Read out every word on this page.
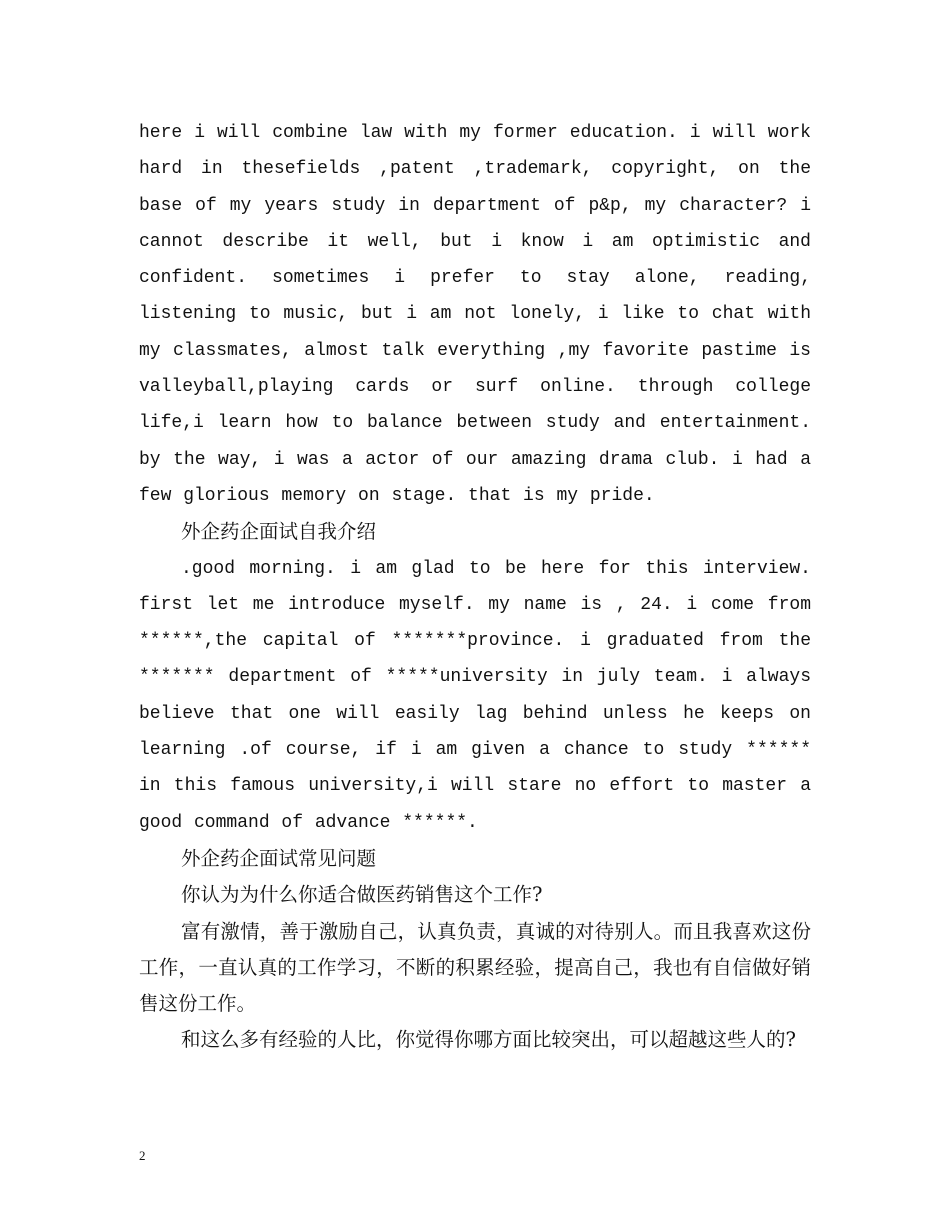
here i will combine law with my former education. i will work hard in thesefields ,patent ,trademark, copyright, on the base of my years study in department of p&p, my character? i cannot describe it well, but i know i am optimistic and confident. sometimes i prefer to stay alone, reading, listening to music, but i am not lonely, i like to chat with my classmates, almost talk everything ,my favorite pastime is valleyball,playing cards or surf online. through college life,i learn how to balance between study and entertainment. by the way, i was a actor of our amazing drama club. i had a few glorious memory on stage. that is my pride.

外企药企面试自我介绍

.good morning. i am glad to be here for this interview. first let me introduce myself. my name is , 24. i come from ******,the capital of *******province. i graduated from the ******* department of *****university in july team. i always believe that one will easily lag behind unless he keeps on learning .of course, if i am given a chance to study ****** in this famous university,i will stare no effort to master a good command of advance ******.

外企药企面试常见问题

你认为为什么你适合做医药销售这个工作?

富有激情，善于激励自己，认真负责，真诚的对待别人。而且我喜欢这份工作，一直认真的工作学习，不断的积累经验，提高自己，我也有自信做好销售这份工作。

和这么多有经验的人比，你觉得你哪方面比较突出，可以超越这些人的?

2
